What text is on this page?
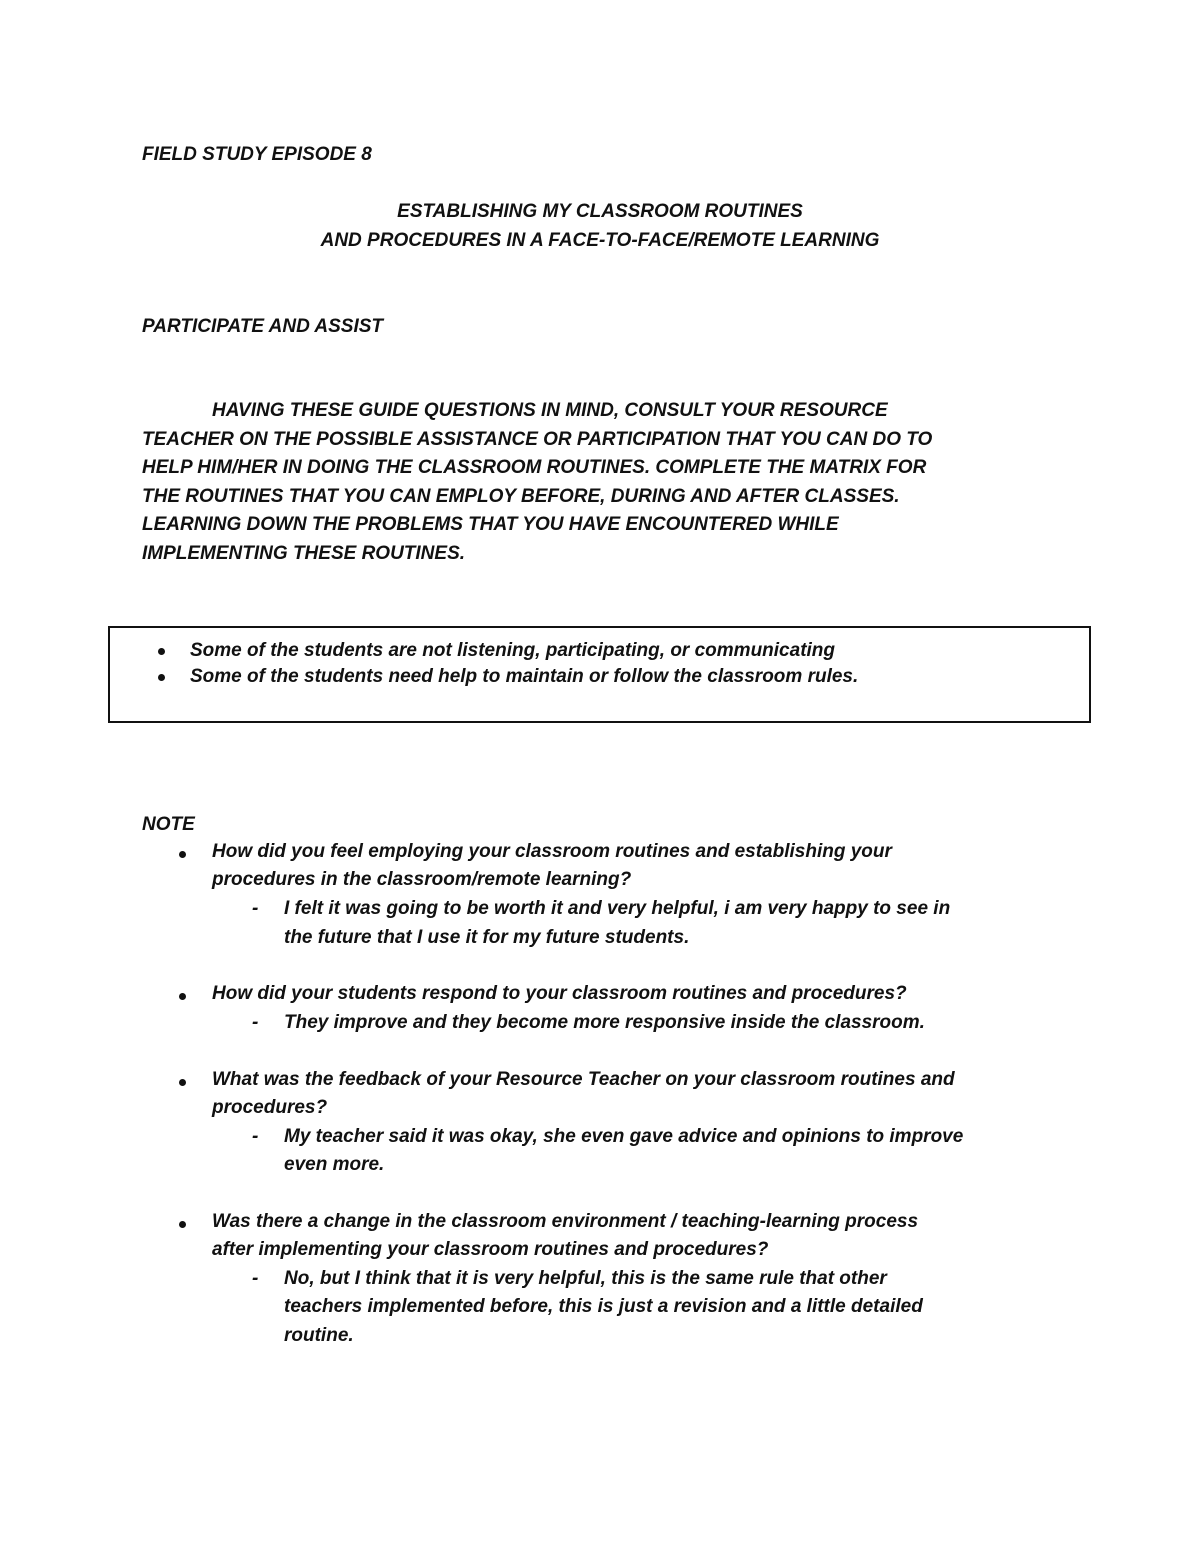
FIELD STUDY EPISODE 8
ESTABLISHING MY CLASSROOM ROUTINES
AND PROCEDURES IN A FACE-TO-FACE/REMOTE LEARNING
PARTICIPATE AND ASSIST
HAVING THESE GUIDE QUESTIONS IN MIND, CONSULT YOUR RESOURCE
TEACHER ON THE POSSIBLE ASSISTANCE OR PARTICIPATION THAT YOU CAN DO TO
HELP HIM/HER IN DOING THE CLASSROOM ROUTINES. COMPLETE THE MATRIX FOR
THE ROUTINES THAT YOU CAN EMPLOY BEFORE, DURING AND AFTER CLASSES.
LEARNING DOWN THE PROBLEMS THAT YOU HAVE ENCOUNTERED WHILE
IMPLEMENTING THESE ROUTINES.
Some of the students are not listening, participating, or communicating
Some of the students need help to maintain or follow the classroom rules.
NOTE
How did you feel employing your classroom routines and establishing your
procedures in the classroom/remote learning?
- I felt it was going to be worth it and very helpful, i am very happy to see in
the future that I use it for my future students.
How did your students respond to your classroom routines and procedures?
- They improve and they become more responsive inside the classroom.
What was the feedback of your Resource Teacher on your classroom routines and
procedures?
- My teacher said it was okay, she even gave advice and opinions to improve
even more.
Was there a change in the classroom environment / teaching-learning process
after implementing your classroom routines and procedures?
- No, but I think that it is very helpful, this is the same rule that other
teachers implemented before, this is just a revision and a little detailed
routine.
